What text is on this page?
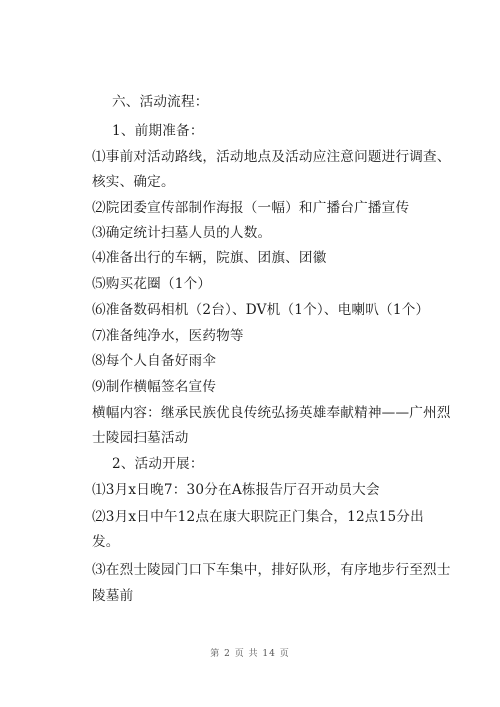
六、活动流程：
1、前期准备：
⑴事前对活动路线，活动地点及活动应注意问题进行调查、
核实、确定。
⑵院团委宣传部制作海报（一幅）和广播台广播宣传
⑶确定统计扫墓人员的人数。
⑷准备出行的车辆，院旗、团旗、团徽
⑸购买花圈（1个）
⑹准备数码相机（2台）、DV机（1个）、电喇叭（1个）
⑺准备纯净水，医药物等
⑻每个人自备好雨伞
⑼制作横幅签名宣传
横幅内容：继承民族优良传统弘扬英雄奉献精神——广州烈
士陵园扫墓活动
2、活动开展：
⑴3月x日晚7：30分在A栋报告厅召开动员大会
⑵3月x日中午12点在康大职院正门集合，12点15分出
发。
⑶在烈士陵园门口下车集中，排好队形，有序地步行至烈士
陵墓前
第 2 页 共 14 页
